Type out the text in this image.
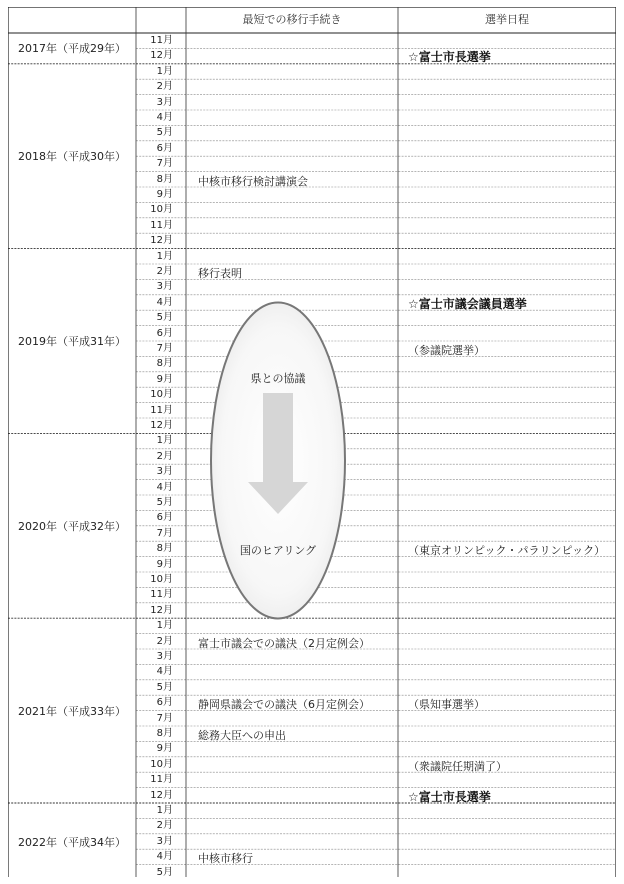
最短での移行手続き	選挙日程
2017年（平成29年）
11月
12月
2018年（平成30年）
1月
2月
3月
4月
5月
6月
7月
8月
9月
10月
11月
12月
2019年（平成31年）
1月
2月
3月
4月
5月
6月
7月
8月
9月
10月
11月
12月
2020年（平成32年）
1月
2月
3月
4月
5月
6月
7月
8月
9月
10月
11月
12月
2021年（平成33年）
1月
2月
3月
4月
5月
6月
7月
8月
9月
10月
11月
12月
2022年（平成34年）
1月
2月
3月
4月
5月
中核市移行検討講演会
移行表明
富士市議会での議決（2月定例会）
静岡県議会での議決（6月定例会）
総務大臣への申出
中核市移行
☆富士市長選挙
☆富士市議会議員選挙
（参議院選挙）
（東京オリンピック・パラリンピック）
（県知事選挙）
（衆議院任期満了）
☆富士市長選挙
県との協議
国のヒアリング
